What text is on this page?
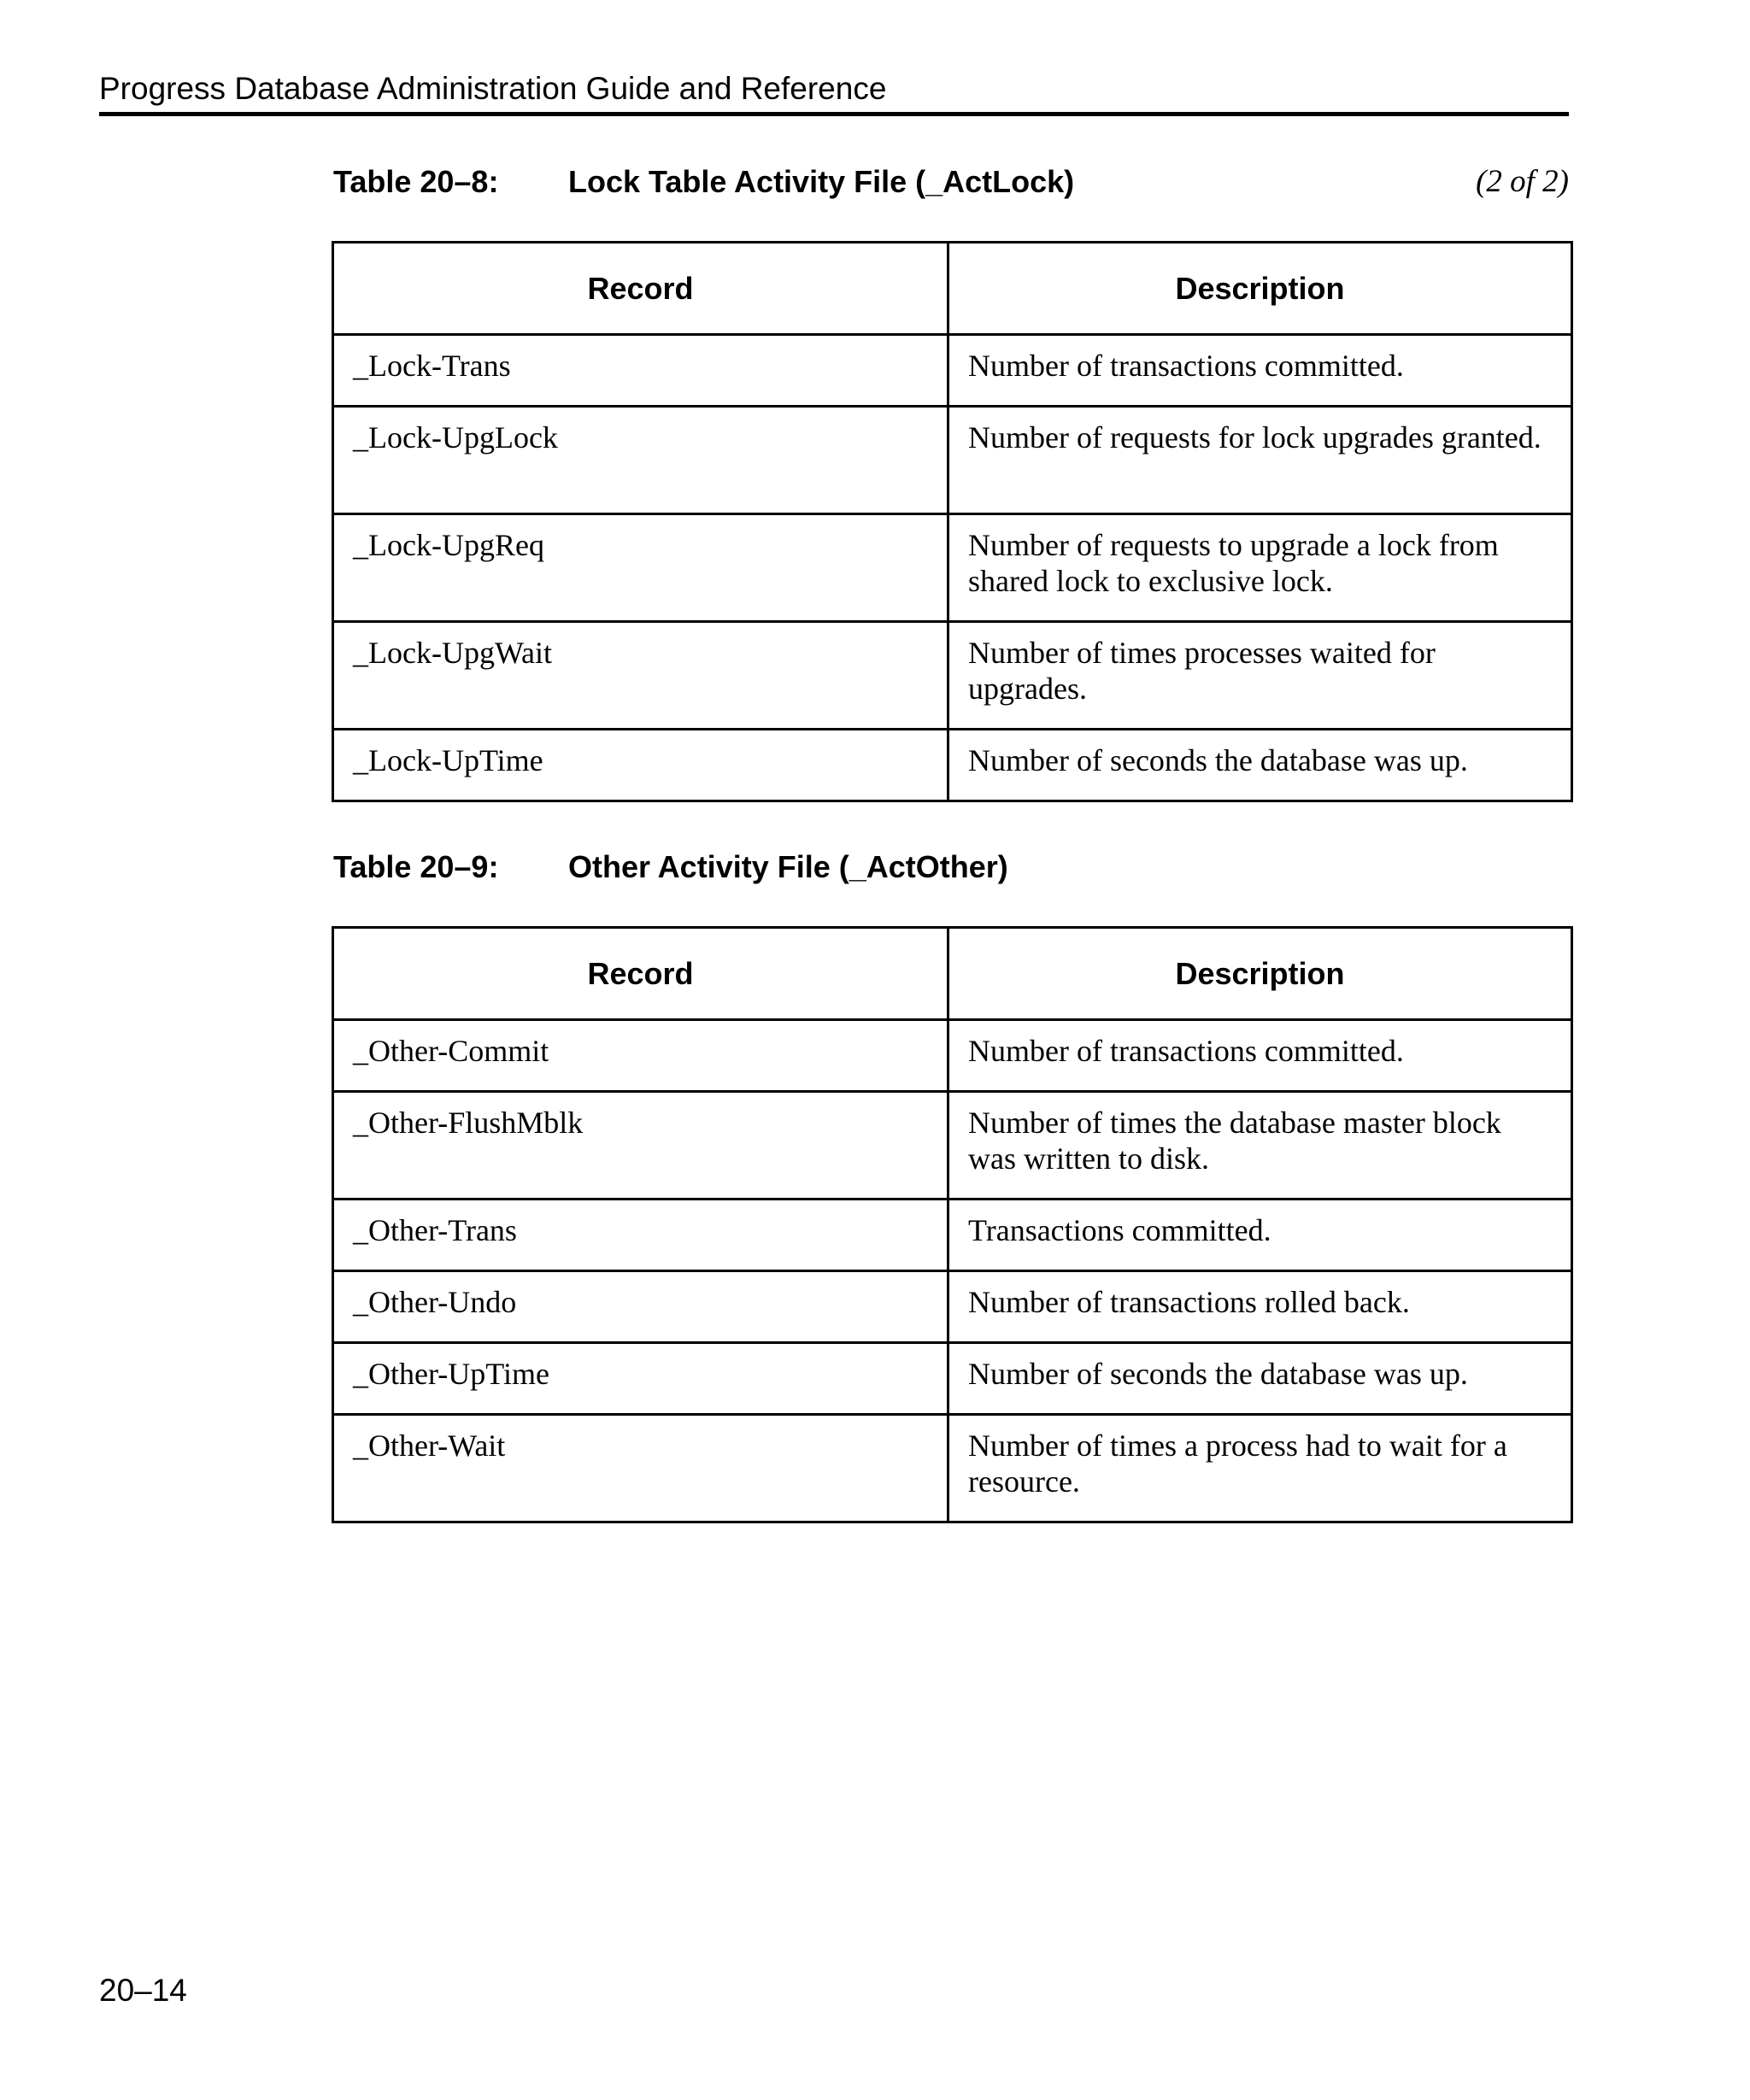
Progress Database Administration Guide and Reference
Table 20–8: Lock Table Activity File (_ActLock)	(2 of 2)
Record	Description
_Lock-Trans	Number of transactions committed.
_Lock-UpgLock	Number of requests for lock upgrades granted.
_Lock-UpgReq	Number of requests to upgrade a lock from shared lock to exclusive lock.
_Lock-UpgWait	Number of times processes waited for upgrades.
_Lock-UpTime	Number of seconds the database was up.
Table 20–9: Other Activity File (_ActOther)
Record	Description
_Other-Commit	Number of transactions committed.
_Other-FlushMblk	Number of times the database master block was written to disk.
_Other-Trans	Transactions committed.
_Other-Undo	Number of transactions rolled back.
_Other-UpTime	Number of seconds the database was up.
_Other-Wait	Number of times a process had to wait for a resource.
20–14
